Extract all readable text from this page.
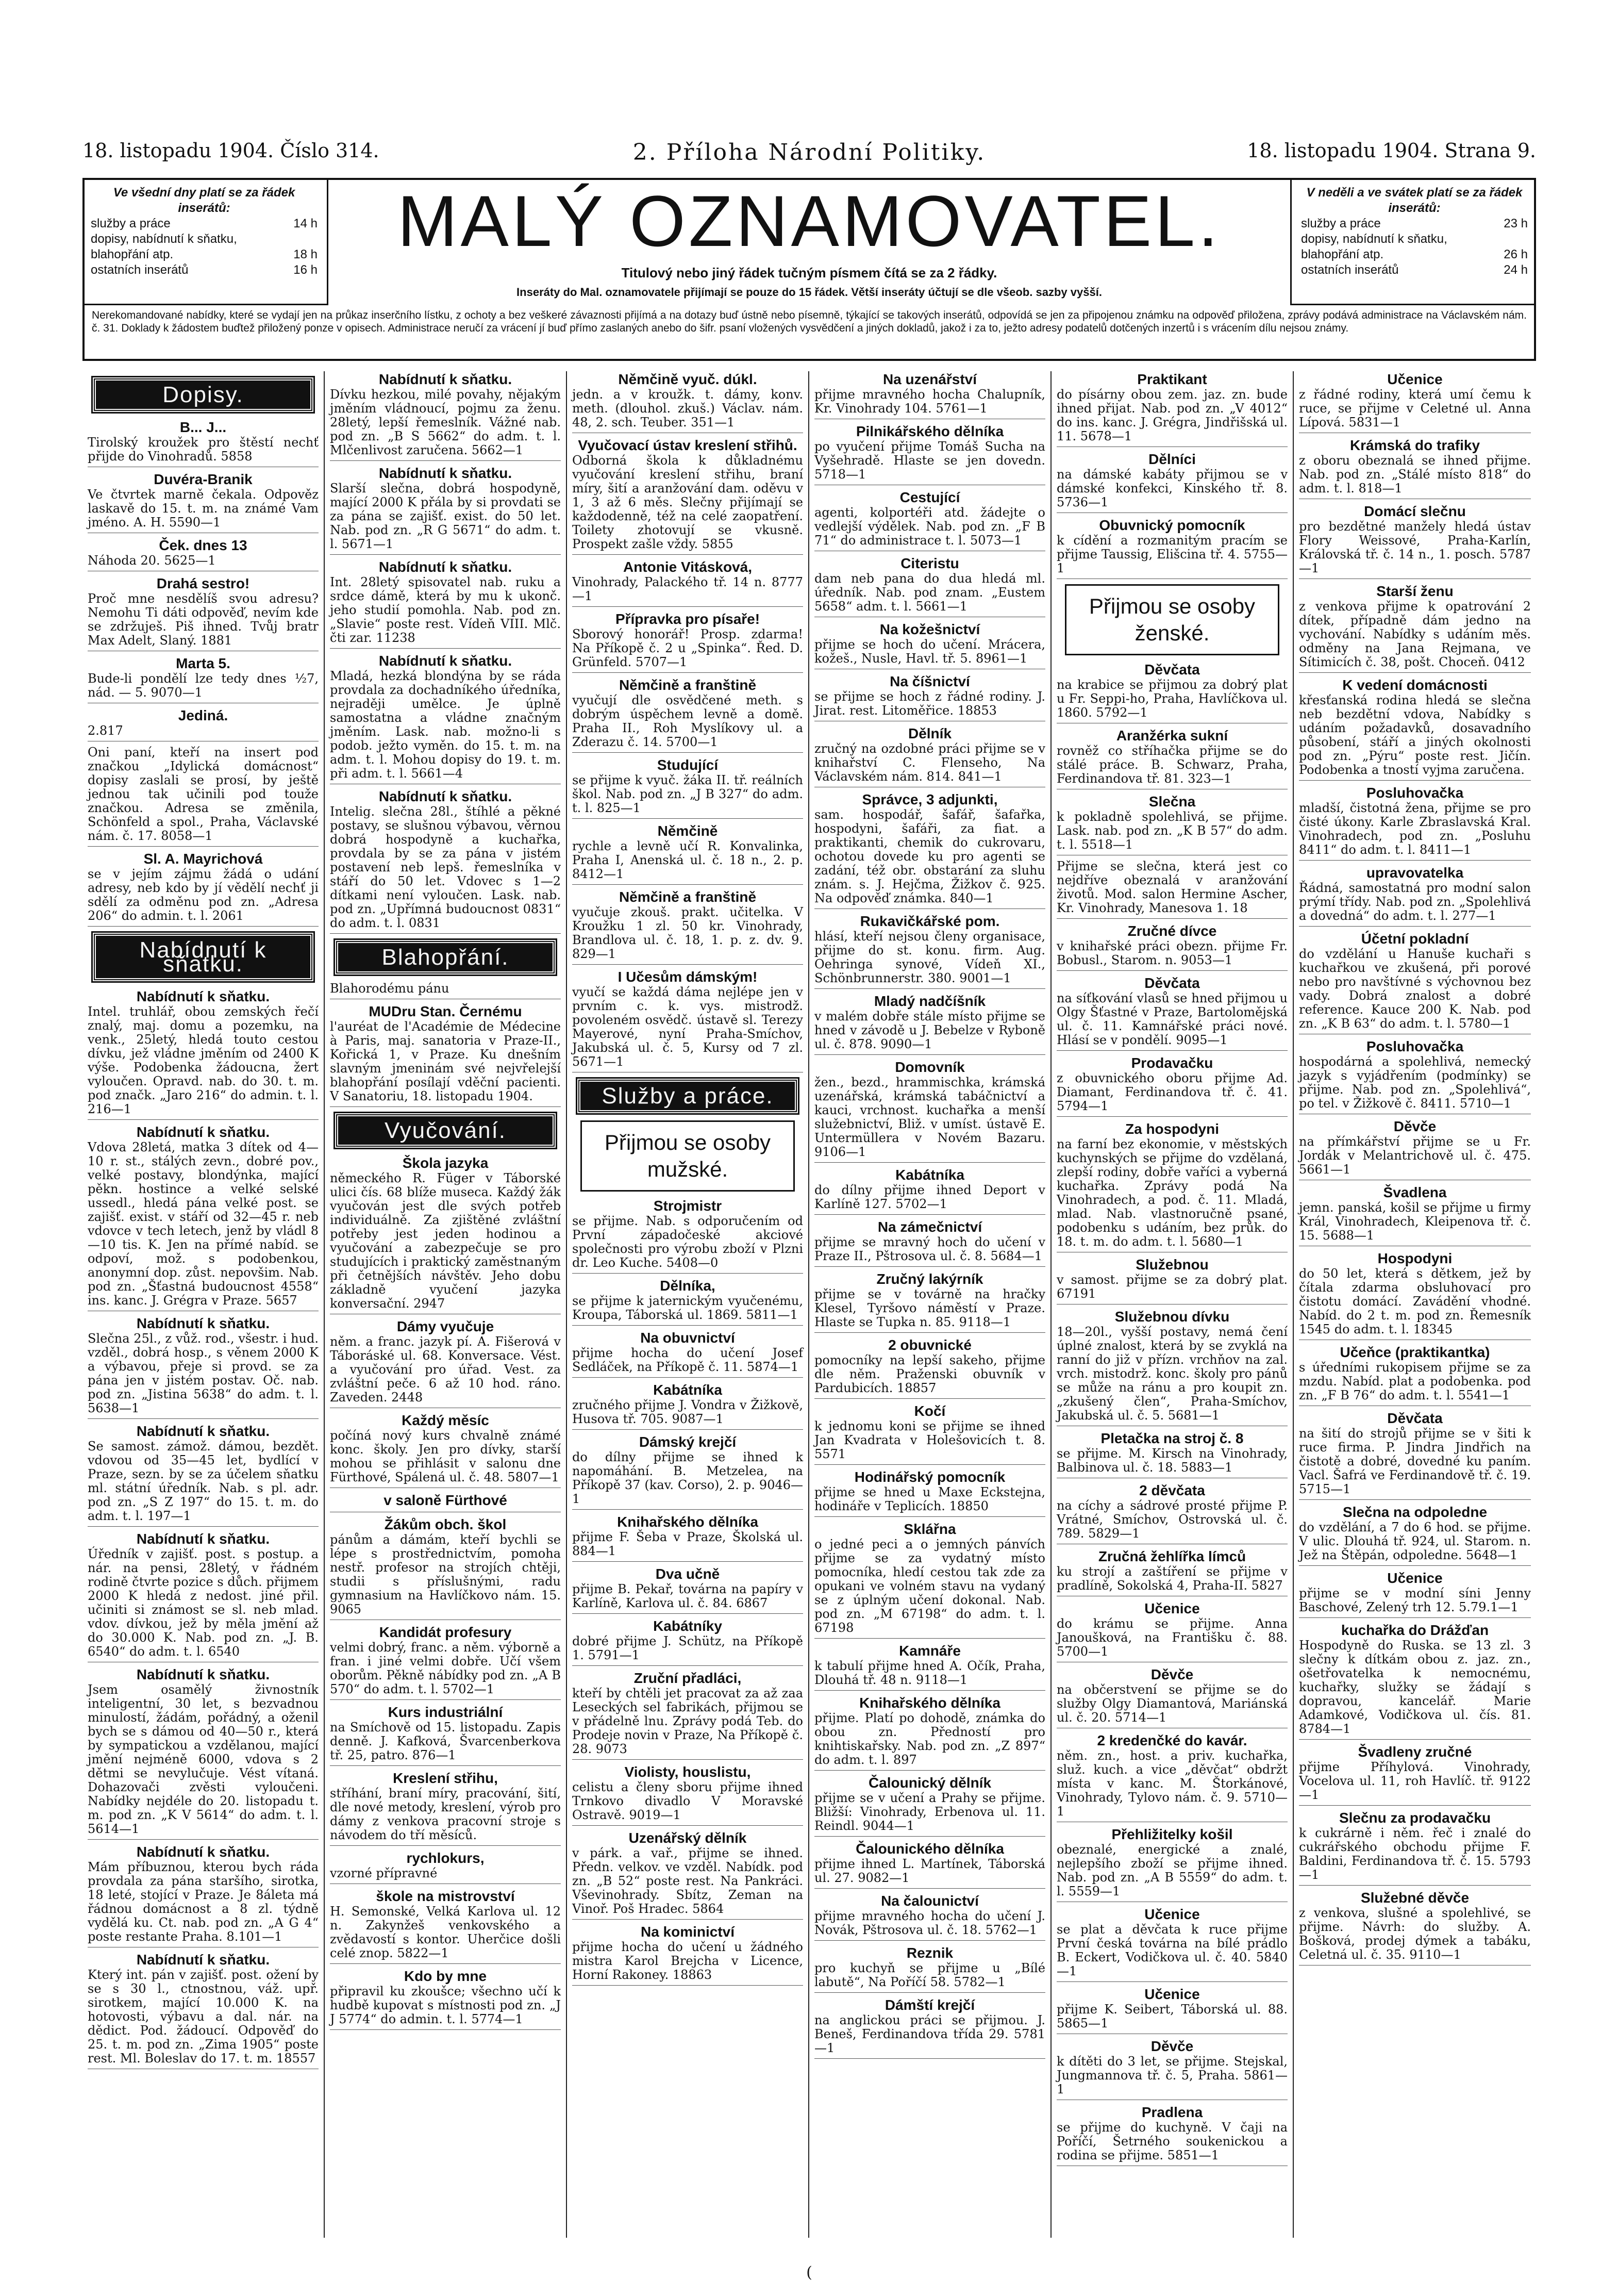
18. listopadu 1904. Číslo 314.	2. Příloha Národní Politiky.	18. listopadu 1904. Strana 9.
Ve všední dny platí se za řádek inserátů:
služby a práce	14 h
dopisy, nabídnutí k sňatku,
blahopřání atp.	18 h
ostatních inserátů	16 h
MALÝ OZNAMOVATEL.
Titulový nebo jiný řádek tučným písmem čítá se za 2 řádky.
Inseráty do Mal. oznamovatele přijímají se pouze do 15 řádek. Větší inseráty účtují se dle všeob. sazby vyšší.
V neděli a ve svátek platí se za řádek inserátů:
služby a práce	23 h
dopisy, nabídnutí k sňatku,
blahopřání atp.	26 h
ostatních inserátů	24 h
Nerekomandované nabídky, které se vydají jen na průkaz inserčního lístku, z ochoty a bez veškeré závaznosti přijímá a na dotazy buď ústně nebo písemně, týkající se takových inserátů, odpovídá se jen za připojenou známku na odpověď přiložena, zprávy podává administrace na Václavském nám. č. 31. Doklady k žádostem buďtež přiložený ponze v opisech. Administrace neručí za vrácení jí buď přímo zaslaných anebo do šifr. psaní vložených vysvědčení a jiných dokladů, jakož i za to, ježto adresy podatelů dotčených inzertů i s vrácením dílu nejsou známy.
Dopisy.
B... J...
Tirolský kroužek pro štěstí nechť přijde do Vinohradů. 5858
Duvéra-Branik
Ve čtvrtek marně čekala. Odpověz laskavě do 15. t. m. na známé Vam jméno. A. H. 5590—1
Ček. dnes 13
Náhoda 20. 5625—1
Drahá sestro!
Proč mne nesdělíš svou adresu? Nemohu Ti dáti odpověď, nevím kde se zdržuješ. Piš ihned. Tvůj bratr Max Adelt, Slaný. 1881
Marta 5.
Bude-li pondělí lze tedy dnes ½7, nád. — 5. 9070—1
Jediná.
2.817
Oni paní, kteří na insert pod značkou „Idylická domácnost“ dopisy zaslali se prosí, by ještě jednou tak učinili pod touže značkou. Adresa se změnila, Schönfeld a spol., Praha, Václavské nám. č. 17. 8058—1
Sl. A. Mayrichová
se v jejím zájmu žádá o udání adresy, neb kdo by jí vědělí nechť ji sdělí za odměnu pod zn. „Adresa 206“ do admin. t. l. 2061
Nabídnutí k sňatku.
Nabídnutí k sňatku.
Intel. truhlář, obou zemských řečí znalý, maj. domu a pozemku, na venk., 25letý, hledá touto cestou dívku, jež vládne jměním od 2400 K výše. Podobenka žádoucna, žert vyloučen. Opravd. nab. do 30. t. m. pod značk. „Jaro 216“ do admin. t. l. 216—1
Nabídnutí k sňatku.
Vdova 28letá, matka 3 dítek od 4—10 r. st., stálých zevn., dobré pov., velké postavy, blondýnka, mající pěkn. hostince a velké selské ussedl., hledá pána velké post. se zajišť. exist. v stáří od 32—45 r. neb vdovce v tech letech, jenž by vládl 8—10 tis. K. Jen na přímé nabíd. se odpoví, mož. s podobenkou, anonymní dop. zůst. nepovšim. Nab. pod zn. „Šťastná budoucnost 4558“ ins. kanc. J. Grégra v Praze. 5657
Nabídnutí k sňatku.
Slečna 25l., z vůž. rod., všestr. i hud. vzděl., dobrá hosp., s věnem 2000 K a výbavou, přeje si provd. se za pána jen v jistém postav. Oč. nab. pod zn. „Jistina 5638“ do adm. t. l. 5638—1
Nabídnutí k sňatku.
Se samost. zámož. dámou, bezdět. vdovou od 35—45 let, bydlící v Praze, sezn. by se za účelem sňatku ml. státní úředník. Nab. s pl. adr. pod zn. „S Z 197“ do 15. t. m. do adm. t. l. 197—1
Nabídnutí k sňatku.
Úředník v zajišť. post. s postup. a nár. na pensi, 28letý, v řádném rodině čtvrte pozice s důch. přijmem 2000 K hledá z nedost. jiné přil. učiniti si známost se sl. neb mlad. vdov. dívkou, jež by měla jmění až do 30.000 K. Nab. pod zn. „J. B. 6540“ do adm. t. l. 6540
Nabídnutí k sňatku.
Jsem osamělý živnostník inteligentní, 30 let, s bezvadnou minulostí, žádám, pořádný, a oženil bych se s dámou od 40—50 r., která by sympatickou a vzdělanou, mající jmění nejméně 6000, vdova s 2 dětmi se nevylučuje. Vést vítaná. Dohazovači zvěsti vyloučeni. Nabídky nejdéle do 20. listopadu t. m. pod zn. „K V 5614“ do adm. t. l. 5614—1
Nabídnutí k sňatku.
Mám příbuznou, kterou bych ráda provdala za pána staršího, sirotka, 18 leté, stojící v Praze. Je 8áleta má řádnou domácnost a 8 zl. týdně vydělá ku. Ct. nab. pod zn. „A G 4“ poste restante Praha. 8.101—1
Nabídnutí k sňatku.
Který int. pán v zajišť. post. ožení by se s 30 l., ctnostnou, váž. upř. sirotkem, mající 10.000 K. na hotovosti, výbavu a dal. nár. na dědict. Pod. žádoucí. Odpověď do 25. t. m. pod zn. „Zima 1905“ poste rest. Ml. Boleslav do 17. t. m. 18557
Nabídnutí k sňatku.
Dívku hezkou, milé povahy, nějakým jměním vládnoucí, pojmu za ženu. 28letý, lepší řemeslník. Vážné nab. pod zn. „B S 5662“ do adm. t. l. Mlčenlivost zaručena. 5662—1
Nabídnutí k sňatku.
Slarší slečna, dobrá hospodyně, mající 2000 K přála by si provdati se za pána se zajišť. exist. do 50 let. Nab. pod zn. „R G 5671“ do adm. t. l. 5671—1
Nabídnutí k sňatku.
Int. 28letý spisovatel nab. ruku a srdce dámě, která by mu k ukonč. jeho studií pomohla. Nab. pod zn. „Slavie“ poste rest. Vídeň VIII. Mlč. čti zar. 11238
Nabídnutí k sňatku.
Mladá, hezká blondýna by se ráda provdala za dochadníkého úředníka, nejraději umělce. Je úplně samostatna a vládne značným jměním. Lask. nab. možno-li s podob. ježto vyměn. do 15. t. m. na adm. t. l. Mohou dopisy do 19. t. m. při adm. t. l. 5661—4
Nabídnutí k sňatku.
Intelig. slečna 28l., štíhlé a pěkné postavy, se slušnou výbavou, věrnou dobrá hospodyně a kuchařka, provdala by se za pána v jistém postavení neb lepš. řemeslníka v stáří do 50 let. Vdovec s 1—2 dítkami není vyloučen. Lask. nab. pod zn. „Upřímná budoucnost 0831“ do adm. t. l. 0831
Blahopřání.
Blahorodému pánu
MUDru Stan. Černému
l'auréat de l'Académie de Médecine à Paris, maj. sanatoria v Praze-II., Kořická 1, v Praze. Ku dnešním slavným jmeninám své nejvřelejší blahopřání posílají vděční pacienti. V Sanatoriu, 18. listopadu 1904.
Vyučování.
Škola jazyka
německého R. Füger v Táborské ulici čís. 68 blíže museca. Každý žák vyučován jest dle svých potřeb individuálně. Za zjištěné zvláštní potřeby jest jeden hodinou a vyučování a zabezpečuje se pro studujících i praktický zaměstnaným při četnějších návštěv. Jeho dobu základně vyučení jazyka konversační. 2947
Dámy vyučuje
něm. a franc. jazyk pí. A. Fišerová v Táboráské ul. 68. Konversace. Vést. a vyučování pro úřad. Vest. za zvláštní peče. 6 až 10 hod. ráno. Zaveden. 2448
Každý měsíc
počíná nový kurs chvalně známé konc. školy. Jen pro dívky, starší mohou se přihlásit v salonu dne Fürthové, Spálená ul. č. 48. 5807—1
v saloně Fürthové
Žákům obch. škol
pánům a dámám, kteří bychli se lépe s prostřednictvím, pomoha nestř. profesor na strojích chtěji, studii s příslušnými, radu gymnasium na Havlíčkovo nám. 15. 9065
Kandidát profesury
velmi dobrý, franc. a něm. výborně a fran. i jiné velmi dobře. Učí všem oborům. Pěkně nábídky pod zn. „A B 570“ do adm. t. l. 5702—1
Kurs industriální
na Smíchově od 15. listopadu. Zapis denně. J. Kafková, Švarcenberkova tř. 25, patro. 876—1
Kreslení střihu,
stříhání, braní míry, pracování, šití, dle nové metody, kreslení, výrob pro dámy z venkova pracovní stroje s návodem do tří měsíců.
rychlokurs,
vzorné přípravné
škole na mistrovství
H. Semonské, Velká Karlova ul. 12 n. Zakynžeš venkovského a zvědavostí s kontor. Uherčice došli celé znop. 5822—1
Kdo by mne
připravil ku zkoušce; všechno učí k hudbě kupovat s místnosti pod zn. „J J 5774“ do admin. t. l. 5774—1
Němčině vyuč. dúkl.
jedn. a v kroužk. t. dámy, konv. meth. (dlouhol. zkuš.) Václav. nám. 48, 2. sch. Teuber. 351—1
Vyučovací ústav kreslení střihů.
Odborná škola k důkladnému vyučování kreslení střihu, braní míry, šití a aranžování dam. oděvu v 1, 3 až 6 měs. Slečny přijímají se každodenně, též na celé zaopatření. Toilety zhotovují se vkusně. Prospekt zašle vždy. 5855
Antonie Vitásková,
Vinohrady, Palackého tř. 14 n. 8777—1
Přípravka pro písaře!
Sborový honorář! Prosp. zdarma! Na Příkopě č. 2 u „Spinka“. Řed. D. Grünfeld. 5707—1
Němčině a franštině
vyučují dle osvědčené meth. s dobrým úspěchem levně a domě. Praha II., Roh Myslíkovy ul. a Zderazu č. 14. 5700—1
Studující
se přijme k vyuč. žáka II. tř. reálních škol. Nab. pod zn. „J B 327“ do adm. t. l. 825—1
Němčině
rychle a levně učí R. Konvalinka, Praha I, Anenská ul. č. 18 n., 2. p. 8412—1
Němčině a franštině
vyučuje zkouš. prakt. učitelka. V Kroužku 1 zl. 50 kr. Vinohrady, Brandlova ul. č. 18, 1. p. z. dv. 9. 829—1
I Učesům dámským!
vyučí se každá dáma nejlépe jen v prvním c. k. vys. mistrodž. povoleném osvědč. ústavě sl. Terezy Mayerové, nyní Praha-Smíchov, Jakubská ul. č. 5, Kursy od 7 zl. 5671—1
Služby a práce.
Přijmou se osoby mužské.
Strojmistr
se přijme. Nab. s odporučením od První západočeské akciové společnosti pro výrobu zboží v Plzni dr. Leo Kuche. 5408—0
Dělníka,
se přijme k jaternickým vyučenému, Kroupa, Táborská ul. 1869. 5811—1
Na obuvnictví
přijme hocha do učení Josef Sedláček, na Příkopě č. 11. 5874—1
Kabátníka
zručného přijme J. Vondra v Žižkově, Husova tř. 705. 9087—1
Dámský krejčí
do dílny přijme se ihned k napomáhání. B. Metzelea, na Příkopě 37 (kav. Corso), 2. p. 9046—1
Knihařského dělníka
přijme F. Šeba v Praze, Školská ul. 884—1
Dva učně
přijme B. Pekař, továrna na papíry v Karlíně, Karlova ul. č. 84. 6867
Kabátníky
dobré přijme J. Schütz, na Příkopě 1. 5791—1
Zruční přadláci,
kteří by chtěli jet pracovat za až zaa Leseckých sel fabrikách, přijmou se v přádelně lnu. Zprávy podá Teb. do Prodeje novin v Praze, Na Příkopě č. 28. 9073
Violisty, houslistu,
celistu a členy sboru přijme ihned Trnkovo divadlo V Moravské Ostravě. 9019—1
Uzenářský dělník
v párk. a vař., přijme se ihned. Předn. velkov. ve vzděl. Nabídk. pod zn. „B 52“ poste rest. Na Pankráci. Vševinohrady. Sbítz, Zeman na Vinoř. Poš Hradec. 5864
Na kominictví
přijme hocha do učení u žádného mistra Karol Brejcha v Licence, Horní Rakoney. 18863
Na uzenářství
přijme mravného hocha Chalupník, Kr. Vinohrady 104. 5761—1
Pilnikářského dělníka
po vyučení přijme Tomáš Sucha na Vyšehradě. Hlaste se jen dovedn. 5718—1
Cestující
agenti, kolportéři atd. žádejte o vedlejší výdělek. Nab. pod zn. „F B 71“ do administrace t. l. 5073—1
Citeristu
dam neb pana do dua hledá ml. úředník. Nab. pod znam. „Eustem 5658“ adm. t. l. 5661—1
Na kožešnictví
přijme se hoch do učení. Mrácera, kožeš., Nusle, Havl. tř. 5. 8961—1
Na číšnictví
se přijme se hoch z řádné rodiny. J. Jirat. rest. Litoměřice. 18853
Dělník
zručný na ozdobné práci přijme se v knihařství C. Flenseho, Na Václavském nám. 814. 841—1
Správce, 3 adjunkti,
sam. hospodář, šafář, šafařka, hospodyni, šafáři, za fiat. a praktikanti, chemik do cukrovaru, ochotou dovede ku pro agenti se zadání, též obr. obstarání za sluhu znám. s. J. Hejčma, Žižkov č. 925. Na odpověď známka. 840—1
Rukavičkářské pom.
hlásí, kteří nejsou členy organisace, přijme do st. konu. firm. Aug. Oehringa synové, Vídeň XI., Schönbrunnerstr. 380. 9001—1
Mladý nadčíšník
v malém dobře stále místo přijme se hned v závodě u J. Bebelze v Ryboně ul. č. 878. 9090—1
Domovník
žen., bezd., hrammischka, krámská uzenářská, krámská tabáčnictví a kauci, vrchnost. kuchařka a menší služebnictví, Bliž. v umíst. ústavě E. Untermüllera v Novém Bazaru. 9106—1
Kabátníka
do dílny přijme ihned Deport v Karlíně 127. 5702—1
Na zámečnictví
přijme se mravný hoch do učení v Praze II., Pštrosova ul. č. 8. 5684—1
Zručný lakýrník
přijme se v továrně na hračky Klesel, Tyršovo náměstí v Praze. Hlaste se Tupka n. 85. 9118—1
2 obuvnické
pomocníky na lepší sakeho, přijme dle něm. Praženski obuvník v Pardubicích. 18857
Kočí
k jednomu koni se přijme se ihned Jan Kvadrata v Holešovicích t. 8. 5571
Hodinářský pomocník
přijme se hned u Maxe Eckstejna, hodináře v Teplicích. 18850
Sklářna
o jedné peci a o jemných pánvích přijme se za vydatný místo pomocníka, hledí cestou tak zde za opukani ve volném stavu na vydaný se z úplným učení dokonal. Nab. pod zn. „M 67198“ do adm. t. l. 67198
Kamnáře
k tabulí přijme hned A. Očík, Praha, Dlouhá tř. 48 n. 9118—1
Knihařského dělníka
přijme. Platí po dohodě, známka do obou zn. Předností pro knihtiskařsky. Nab. pod zn. „Z 897“ do adm. t. l. 897
Čalounický dělník
přijme se v učení a Prahy se přijme. Bližší: Vinohrady, Erbenova ul. 11. Reindl. 9044—1
Čalounického dělníka
přijme ihned L. Martínek, Táborská ul. 27. 9082—1
Na čalounictví
přijme mravného hocha do učení J. Novák, Pštrosova ul. č. 18. 5762—1
Reznik
pro kuchyň se přijme u „Bílé labutě“, Na Poříčí 58. 5782—1
Dámští krejčí
na anglickou práci se přijmou. J. Beneš, Ferdinandova třída 29. 5781—1
Praktikant
do písárny obou zem. jaz. zn. bude ihned přijat. Nab. pod zn. „V 4012“ do ins. kanc. J. Grégra, Jindřišská ul. 11. 5678—1
Dělníci
na dámské kabáty přijmou se v dámské konfekci, Kinského tř. 8. 5736—1
Obuvnický pomocník
k cídění a rozmanitým pracím se přijme Taussig, Elišcina tř. 4. 5755—1
Přijmou se osoby ženské.
Děvčata
na krabice se přijmou za dobrý plat u Fr. Seppi-ho, Praha, Havlíčkova ul. 1860. 5792—1
Aranžérka sukní
rovněž co stříhačka přijme se do stálé práce. B. Schwarz, Praha, Ferdinandova tř. 81. 323—1
Slečna
k pokladně spolehlivá, se přijme. Lask. nab. pod zn. „K B 57“ do adm. t. l. 5518—1
Přijme se slečna, která jest co nejdříve obeznalá v aranžování životů. Mod. salon Hermine Ascher, Kr. Vinohrady, Manesova 1. 18
Zručné dívce
v knihařské práci obezn. přijme Fr. Bobusl., Starom. n. 9053—1
Děvčata
na síťkování vlasů se hned přijmou u Olgy Šťastné v Praze, Bartolomějská ul. č. 11. Kamnářské práci nové. Hlásí se v pondělí. 9095—1
Prodavačku
z obuvnického oboru přijme Ad. Diamant, Ferdinandova tř. č. 41. 5794—1
Za hospodyni
na farní bez ekonomie, v městských kuchynských se přijme do vzdělaná, zlepší rodiny, dobře vaříci a vyberná kuchařka. Zprávy podá Na Vinohradech, a pod. č. 11. Mladá, mlad. Nab. vlastnoručně psané, podobenku s udáním, bez průk. do 18. t. m. do adm. t. l. 5680—1
Služebnou
v samost. přijme se za dobrý plat. 67191
Služebnou dívku
18—20l., vyšší postavy, nemá čení úplné znalost, která by se zvyklá na ranní do již v přízn. vrchňov na zal. vrch. mistodrž. konc. školy pro pánů se může na ránu a pro koupit zn. „zkušený člen“, Praha-Smíchov, Jakubská ul. č. 5. 5681—1
Pletačka na stroj č. 8
se přijme. M. Kirsch na Vinohrady, Balbinova ul. č. 18. 5883—1
2 děvčata
na cíchy a sádrové prosté přijme P. Vrátné, Smíchov, Ostrovská ul. č. 789. 5829—1
Zručná žehlířka límců
ku strojí a zaštíření se přijme v pradlíně, Sokolská 4, Praha-II. 5827
Učenice
do krámu se přijme. Anna Janoušková, na Františku č. 88. 5700—1
Děvče
na občerstvení se přijme se do služby Olgy Diamantová, Mariánská ul. č. 20. 5714—1
2 kredenčké do kavár.
něm. zn., host. a priv. kuchařka, služ. kuch. a vice „děvčat“ obdržt místa v kanc. M. Štorkánové, Vinohrady, Tylovo nám. č. 9. 5710—1
Přehližitelky košil
obeznalé, energické a znalé, nejlepšího zboží se přijme ihned. Nab. pod zn. „A B 5559“ do adm. t. l. 5559—1
Učenice
se plat a děvčata k ruce přijme První česká továrna na bílé prádlo B. Eckert, Vodičkova ul. č. 40. 5840—1
Učenice
přijme K. Seibert, Táborská ul. 88. 5865—1
Děvče
k dítěti do 3 let, se přijme. Stejskal, Jungmannova tř. č. 5, Praha. 5861—1
Pradlena
se přijme do kuchyně. V čaji na Poříčí, Šetrného soukenickou a rodina se přijme. 5851—1
Učenice
z řádné rodiny, která umí čemu k ruce, se přijme v Celetné ul. Anna Lípová. 5831—1
Krámská do trafiky
z oboru obeznalá se ihned přijme. Nab. pod zn. „Stálé místo 818“ do adm. t. l. 818—1
Domácí slečnu
pro bezdětné manžely hledá ústav Flory Weissové, Praha-Karlín, Královská tř. č. 14 n., 1. posch. 5787—1
Starší ženu
z venkova přijme k opatrování 2 dítek, případně dám jedno na vychování. Nabídky s udáním měs. odměny na Jana Rejmana, ve Sítimicích č. 38, pošt. Choceň. 0412
K vedení domácnosti
křesťanská rodina hledá se slečna neb bezdětní vdova, Nabídky s udáním požadavků, dosavadního působení, stáří a jiných okolnosti pod zn. „Pýru“ poste rest. Jičín. Podobenka a tností vyjma zaručena.
Posluhovačka
mladší, čistotná žena, přijme se pro čisté úkony. Karle Zbraslavská Kral. Vinohradech, pod zn. „Posluhu 8411“ do adm. t. l. 8411—1
upravovatelka
Řádná, samostatná pro modní salon prýmí třídy. Nab. pod zn. „Spolehlivá a dovedná“ do adm. t. l. 277—1
Účetní pokladní
do vzdělání u Hanuše kuchaři s kuchařkou ve zkušená, při porové nebo pro navštívné s výchovnou bez vady. Dobrá znalost a dobré reference. Kauce 200 K. Nab. pod zn. „K B 63“ do adm. t. l. 5780—1
Posluhovačka
hospodárná a spolehlivá, nemecký jazyk s vyjádřením (podmínky) se přijme. Nab. pod zn. „Spolehlivá“, po tel. v Žižkově č. 8411. 5710—1
Děvče
na přímkářství přijme se u Fr. Jordák v Melantrichově ul. č. 475. 5661—1
Švadlena
jemn. panská, košil se přijme u firmy Král, Vinohradech, Kleipenova tř. č. 15. 5688—1
Hospodyni
do 50 let, která s dětkem, jež by čítala zdarma obsluhovací pro čistotu domácí. Zavádění vhodné. Nabíd. do 2 t. m. pod zn. Řemesník 1545 do adm. t. l. 18345
Učeňce (praktikantka)
s úředními rukopisem přijme se za mzdu. Nabíd. plat a podobenka. pod zn. „F B 76“ do adm. t. l. 5541—1
Děvčata
na šití do strojů přijme se v šiti k ruce firma. P. Jindra Jindřich na čistotě a dobré, dovedné ku paním. Vacl. Šafrá ve Ferdinandově tř. č. 19. 5715—1
Slečna na odpoledne
do vzdělání, a 7 do 6 hod. se přijme. V ulic. Dlouhá tř. 924, ul. Starom. n. Jež na Štěpán, odpoledne. 5648—1
Učenice
přijme se v modní síni Jenny Baschové, Zelený trh 12. 5.79.1—1
kuchařka do Drážďan
Hospodyně do Ruska. se 13 zl. 3 slečny k dítkám obou z. jaz. zn., ošetřovatelka k nemocnému, kuchařky, služky se žádají s dopravou, kancelář. Marie Adamkové, Vodičkova ul. čís. 81. 8784—1
Švadleny zručné
přijme Příhylová. Vinohrady, Vocelova ul. 11, roh Havlíč. tř. 9122—1
Slečnu za prodavačku
k cukrárně i něm. řeč i znalé do cukrářského obchodu přijme F. Baldini, Ferdinandova tř. č. 15. 5793—1
Služebné děvče
z venkova, slušné a spolehlivé, se přijme. Návrh: do služby. A. Bošková, prodej dýmek a tabáku, Celetná ul. č. 35. 9110—1
(
